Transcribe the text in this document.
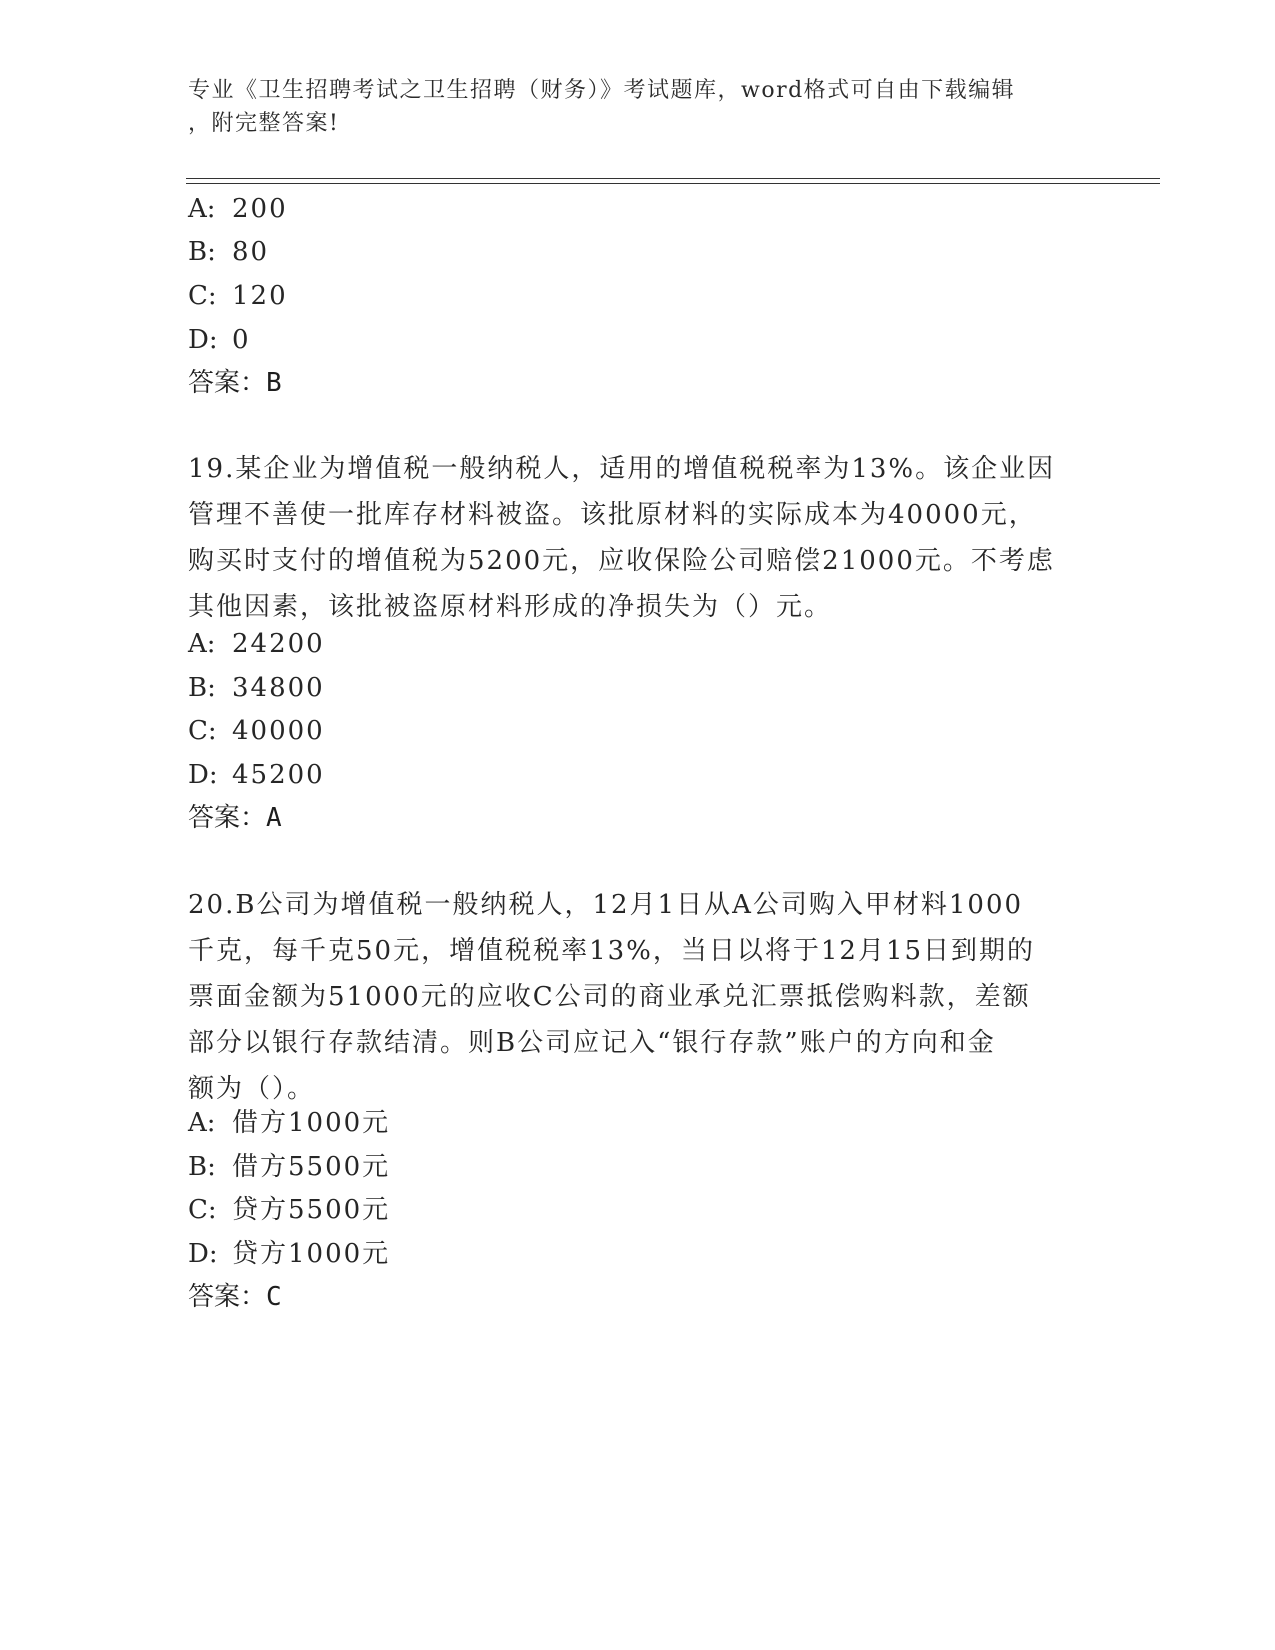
专业《卫生招聘考试之卫生招聘（财务）》考试题库，word格式可自由下载编辑
，附完整答案!
A: 200
B: 80
C: 120
D: 0
答案：B
19.某企业为增值税一般纳税人，适用的增值税税率为13%。该企业因
管理不善使一批库存材料被盗。该批原材料的实际成本为40000元，
购买时支付的增值税为5200元，应收保险公司赔偿21000元。不考虑
其他因素，该批被盗原材料形成的净损失为（）元。
A: 24200
B: 34800
C: 40000
D: 45200
答案：A
20.B公司为增值税一般纳税人，12月1日从A公司购入甲材料1000
千克，每千克50元，增值税税率13%，当日以将于12月15日到期的
票面金额为51000元的应收C公司的商业承兑汇票抵偿购料款，差额
部分以银行存款结清。则B公司应记入“银行存款”账户的方向和金
额为（）。
A: 借方1000元
B: 借方5500元
C: 贷方5500元
D: 贷方1000元
答案：C
